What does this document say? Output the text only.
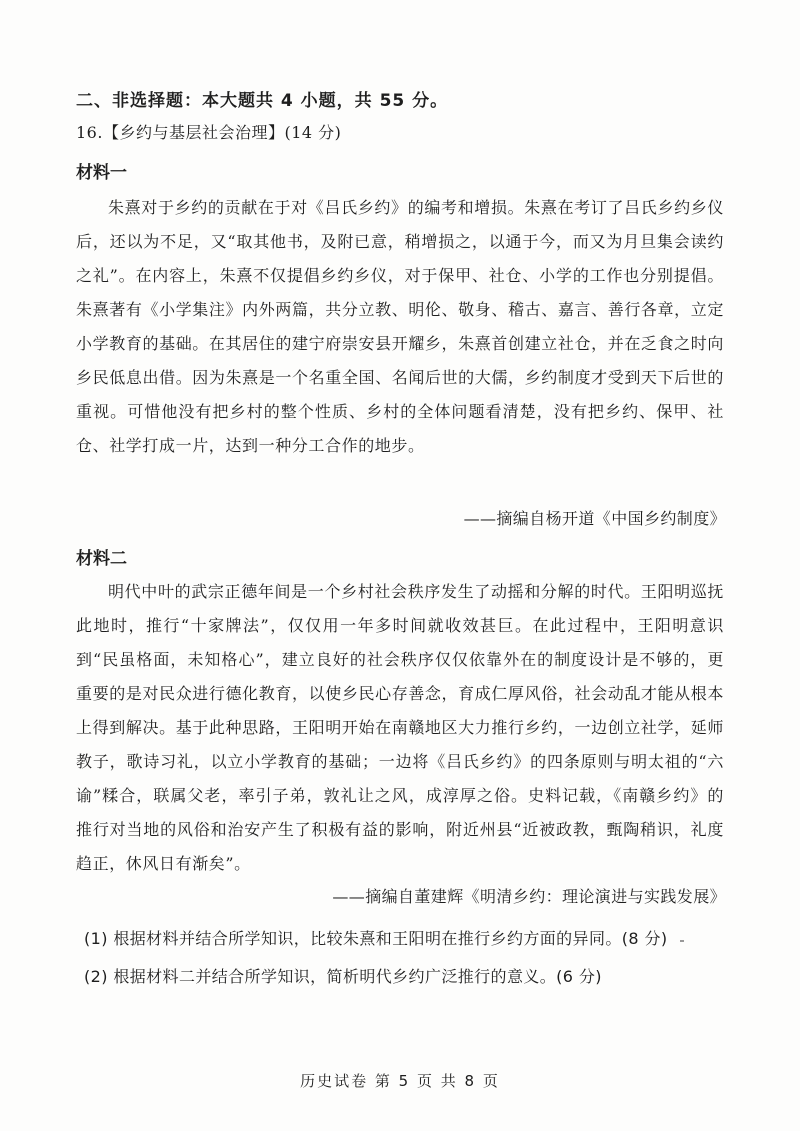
二、非选择题：本大题共 4 小题，共 55 分。
16.【乡约与基层社会治理】(14 分)
材料一
朱熹对于乡约的贡献在于对《吕氏乡约》的编考和增损。朱熹在考订了吕氏乡约乡仪后，还以为不足，又“取其他书，及附已意，稍增损之，以通于今，而又为月旦集会读约之礼”。在内容上，朱熹不仅提倡乡约乡仪，对于保甲、社仓、小学的工作也分别提倡。朱熹著有《小学集注》内外两篇，共分立教、明伦、敬身、稽古、嘉言、善行各章，立定小学教育的基础。在其居住的建宁府崇安县开耀乡，朱熹首创建立社仓，并在乏食之时向乡民低息出借。因为朱熹是一个名重全国、名闻后世的大儒，乡约制度才受到天下后世的重视。可惜他没有把乡村的整个性质、乡村的全体问题看清楚，没有把乡约、保甲、社仓、社学打成一片，达到一种分工合作的地步。
——摘编自杨开道《中国乡约制度》
材料二
明代中叶的武宗正德年间是一个乡村社会秩序发生了动摇和分解的时代。王阳明巡抚此地时，推行“十家牌法”，仅仅用一年多时间就收效甚巨。在此过程中，王阳明意识到“民虽格面，未知格心”，建立良好的社会秩序仅仅依靠外在的制度设计是不够的，更重要的是对民众进行德化教育，以使乡民心存善念，育成仁厚风俗，社会动乱才能从根本上得到解决。基于此种思路，王阳明开始在南赣地区大力推行乡约，一边创立社学，延师教子，歌诗习礼，以立小学教育的基础；一边将《吕氏乡约》的四条原则与明太祖的“六谕”糅合，联属父老，率引子弟，敦礼让之风，成淳厚之俗。史料记载，《南赣乡约》的推行对当地的风俗和治安产生了积极有益的影响，附近州县“近被政教，甄陶稍识，礼度趋正，休风日有渐矣”。
——摘编自董建辉《明清乡约：理论演进与实践发展》
(1) 根据材料并结合所学知识，比较朱熹和王阳明在推行乡约方面的异同。(8 分)
(2) 根据材料二并结合所学知识，简析明代乡约广泛推行的意义。(6 分)
历史试卷 第 5 页 共 8 页
